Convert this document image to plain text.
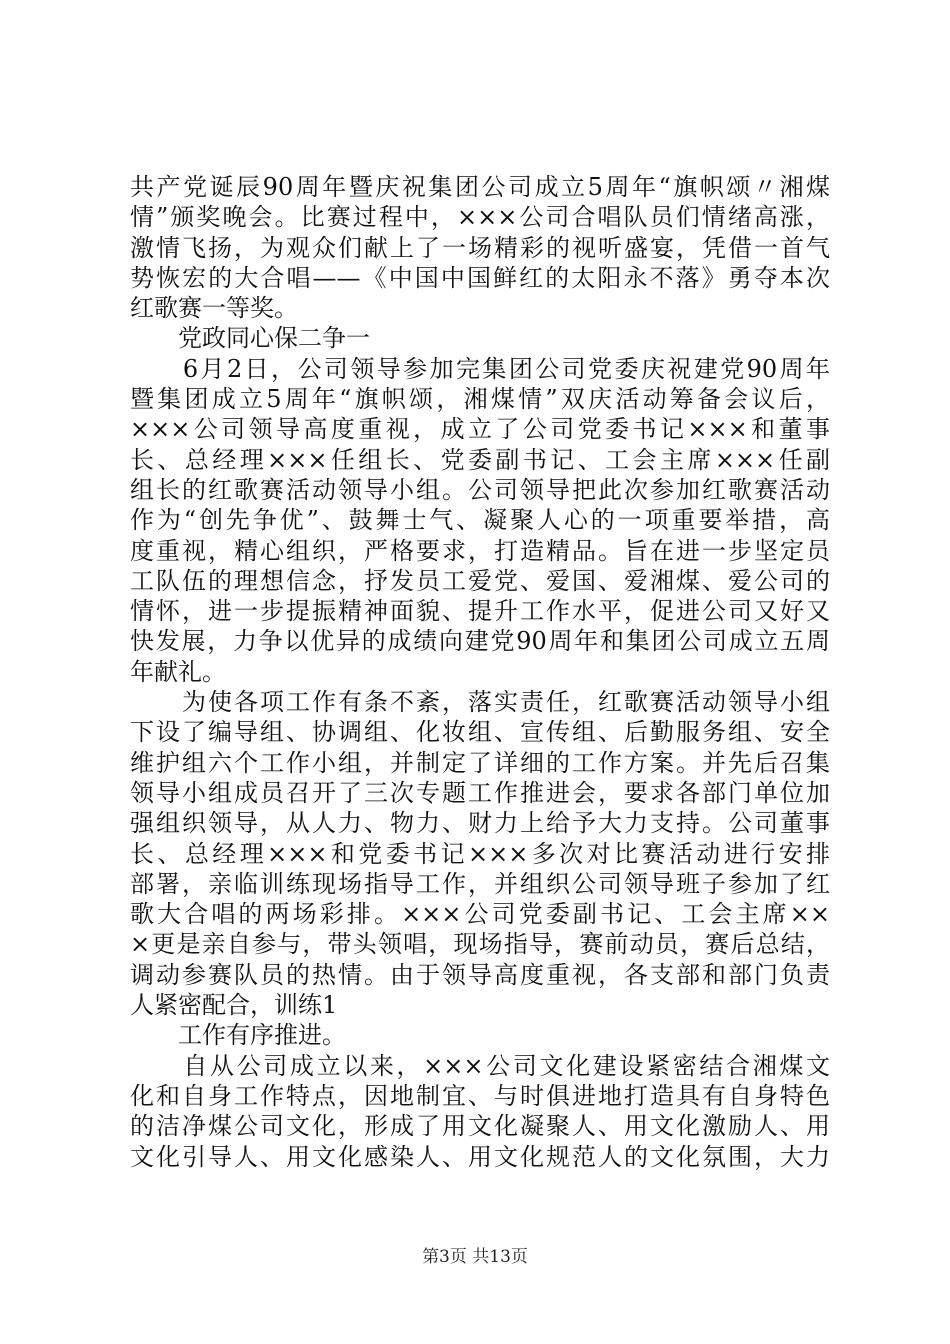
共产党诞辰90周年暨庆祝集团公司成立5周年“旗帜颂〃湘煤
情”颁奖晚会。比赛过程中，×××公司合唱队员们情绪高涨，
激情飞扬，为观众们献上了一场精彩的视听盛宴，凭借一首气
势恢宏的大合唱——《中国中国鲜红的太阳永不落》勇夺本次
红歌赛一等奖。
　　党政同心保二争一
　　6月2日，公司领导参加完集团公司党委庆祝建党90周年
暨集团成立5周年“旗帜颂，湘煤情”双庆活动筹备会议后，
×××公司领导高度重视，成立了公司党委书记×××和董事
长、总经理×××任组长、党委副书记、工会主席×××任副
组长的红歌赛活动领导小组。公司领导把此次参加红歌赛活动
作为“创先争优”、鼓舞士气、凝聚人心的一项重要举措，高
度重视，精心组织，严格要求，打造精品。旨在进一步坚定员
工队伍的理想信念，抒发员工爱党、爱国、爱湘煤、爱公司的
情怀，进一步提振精神面貌、提升工作水平，促进公司又好又
快发展，力争以优异的成绩向建党90周年和集团公司成立五周
年献礼。
　　为使各项工作有条不紊，落实责任，红歌赛活动领导小组
下设了编导组、协调组、化妆组、宣传组、后勤服务组、安全
维护组六个工作小组，并制定了详细的工作方案。并先后召集
领导小组成员召开了三次专题工作推进会，要求各部门单位加
强组织领导，从人力、物力、财力上给予大力支持。公司董事
长、总经理×××和党委书记×××多次对比赛活动进行安排
部署，亲临训练现场指导工作，并组织公司领导班子参加了红
歌大合唱的两场彩排。×××公司党委副书记、工会主席××
×更是亲自参与，带头领唱，现场指导，赛前动员，赛后总结，
调动参赛队员的热情。由于领导高度重视，各支部和部门负责
人紧密配合，训练1
　　工作有序推进。
　　自从公司成立以来，×××公司文化建设紧密结合湘煤文
化和自身工作特点，因地制宜、与时俱进地打造具有自身特色
的洁净煤公司文化，形成了用文化凝聚人、用文化激励人、用
文化引导人、用文化感染人、用文化规范人的文化氛围，大力
第3页 共13页
